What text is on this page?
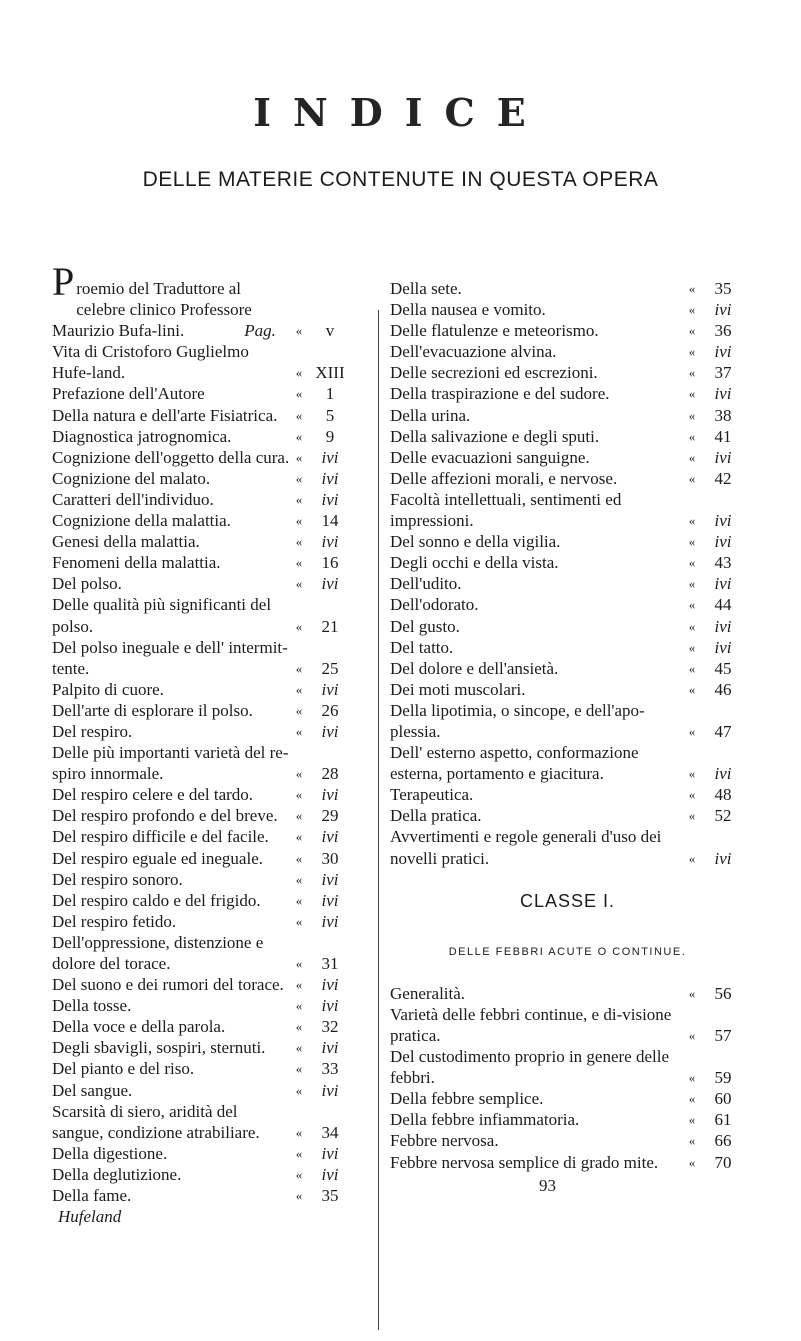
INDICE
DELLE MATERIE CONTENUTE IN QUESTA OPERA
Proemio del Traduttore al celebre clinico Professore Maurizio Bufa-lini.	Pag.	«	v
Vita di Cristoforo Guglielmo Hufe-land.	« XIII
Prefazione dell'Autore	«	1
Della natura e dell'arte Fisiatrica.	«	5
Diagnostica jatrognomica.	«	9
Cognizione dell'oggetto della cura. «	ivi
Cognizione del malato.	«	ivi
Caratteri dell'individuo.	«	ivi
Cognizione della malattia.	«	14
Genesi della malattia.	«	ivi
Fenomeni della malattia.	«	16
Del polso.	«	ivi
Delle qualità più significanti del polso.	«	21
Del polso ineguale e dell' intermit-tente.	«	25
Palpito di cuore.	«	ivi
Dell'arte di esplorare il polso.	«	26
Del respiro.	«	ivi
Delle più importanti varietà del re-spiro innormale.	«	28
Del respiro celere e del tardo.	«	ivi
Del respiro profondo e del breve.	«	29
Del respiro difficile e del facile.	«	ivi
Del respiro eguale ed ineguale.	«	30
Del respiro sonoro.	«	ivi
Del respiro caldo e del frigido.	«	ivi
Del respiro fetido.	«	ivi
Dell'oppressione, distenzione e dolore del torace.	«	31
Del suono e dei rumori del torace. «	ivi
Della tosse.	«	ivi
Della voce e della parola.	«	32
Degli sbavigli, sospiri, sternuti.	«	ivi
Del pianto e del riso.	«	33
Del sangue.	«	ivi
Scarsità di siero, aridità del sangue, condizione atrabiliare.	«	34
Della digestione.	«	ivi
Della deglutizione.	«	ivi
Della fame.	«	35
Hufeland
Della sete.	«	35
Della nausea e vomito.	«	ivi
Delle flatulenze e meteorismo.	«	36
Dell'evacuazione alvina.	«	ivi
Delle secrezioni ed escrezioni.	«	37
Della traspirazione e del sudore.	«	ivi
Della urina.	«	38
Della salivazione e degli sputi.	«	41
Delle evacuazioni sanguigne.	«	ivi
Delle affezioni morali, e nervose.	«	42
Facoltà intellettuali, sentimenti ed impressioni.	«	ivi
Del sonno e della vigilia.	«	ivi
Degli occhi e della vista.	«	43
Dell'udito.	«	ivi
Dell'odorato.	«	44
Del gusto.	«	ivi
Del tatto.	«	ivi
Del dolore e dell'ansietà.	«	45
Dei moti muscolari.	«	46
Della lipotimia, o sincope, e dell'apo-plessia.	«	47
Dell' esterno aspetto, conformazione esterna, portamento e giacitura.	«	ivi
Terapeutica.	«	48
Della pratica.	«	52
Avvertimenti e regole generali d'uso dei novelli pratici.	«	ivi
CLASSE I.
DELLE FEBBRI ACUTE O CONTINUE.
Generalità.	«	56
Varietà delle febbri continue, e di-visione pratica.	«	57
Del custodimento proprio in genere delle febbri.	«	59
Della febbre semplice.	«	60
Della febbre infiammatoria.	«	61
Febbre nervosa.	«	66
Febbre nervosa semplice di grado mite.	«	70
93
